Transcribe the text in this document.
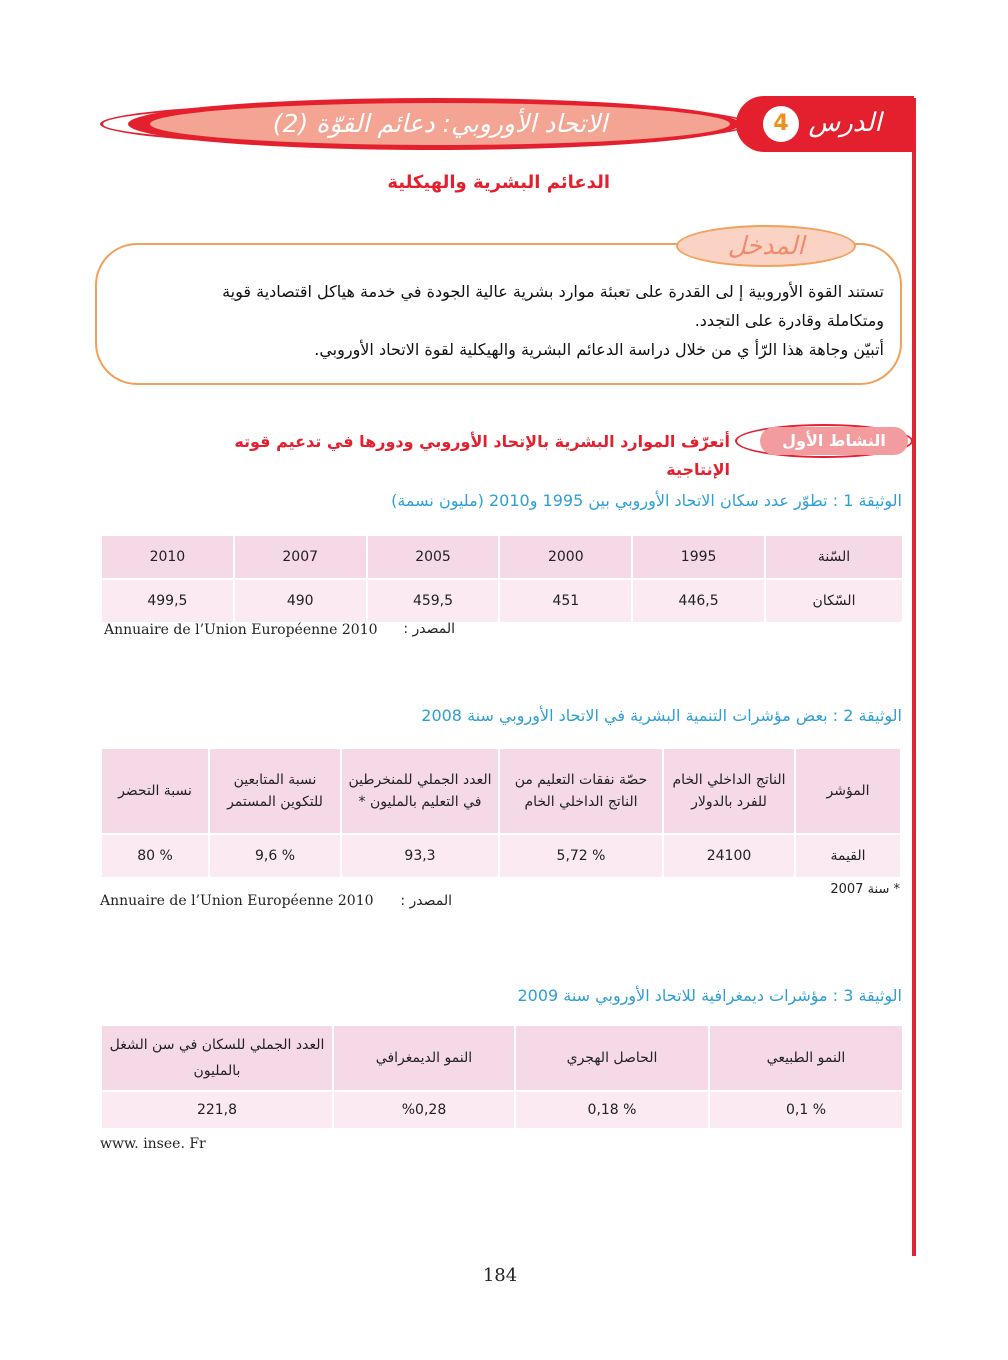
الاتحاد الأوروبي: دعائم القوّة (2)	الدرس
4
الدعائم البشرية والهيكلية
المدخل
تستند القوة الأوروبية إ لى القدرة على تعبئة موارد بشرية عالية الجودة في خدمة هياكل اقتصادية قوية
ومتكاملة وقادرة على التجدد.
أتبيّن وجاهة هذا الرّأ ي من خلال دراسة الدعائم البشرية والهيكلية لقوة الاتحاد الأوروبي.
النشاط الأول
أتعرّف الموارد البشرية بالإتحاد الأوروبي ودورها في تدعيم قوته الإنتاجية
الوثيقة 1 : تطوّر عدد سكان الاتحاد الأوروبي بين 1995 و2010 (مليون نسمة)
السّنة	1995	2000	2005	2007	2010
السّكان	446,5	451	459,5	490	499,5
المصدر :
Annuaire de l’Union Européenne 2010
الوثيقة 2 : بعض مؤشرات التنمية البشرية في الاتحاد الأوروبي سنة 2008
المؤشر	الناتج الداخلي الخام للفرد بالدولار	حصّة نفقات التعليم من الناتج الداخلي الخام	العدد الجملي للمنخرطين في التعليم بالمليون *	نسبة المتابعين للتكوين المستمر	نسبة التحضر
القيمة	24100	% 5,72	93,3	% 9,6	% 80
* سنة 2007
المصدر :
Annuaire de l’Union Européenne 2010
الوثيقة 3 : مؤشرات ديمغرافية للاتحاد الأوروبي سنة 2009
النمو الطبيعي	الحاصل الهجري	النمو الديمغرافي	العدد الجملي للسكان في سن الشغل بالمليون
% 0,1	% 0,18	%0,28	221,8
www. insee. Fr
184
